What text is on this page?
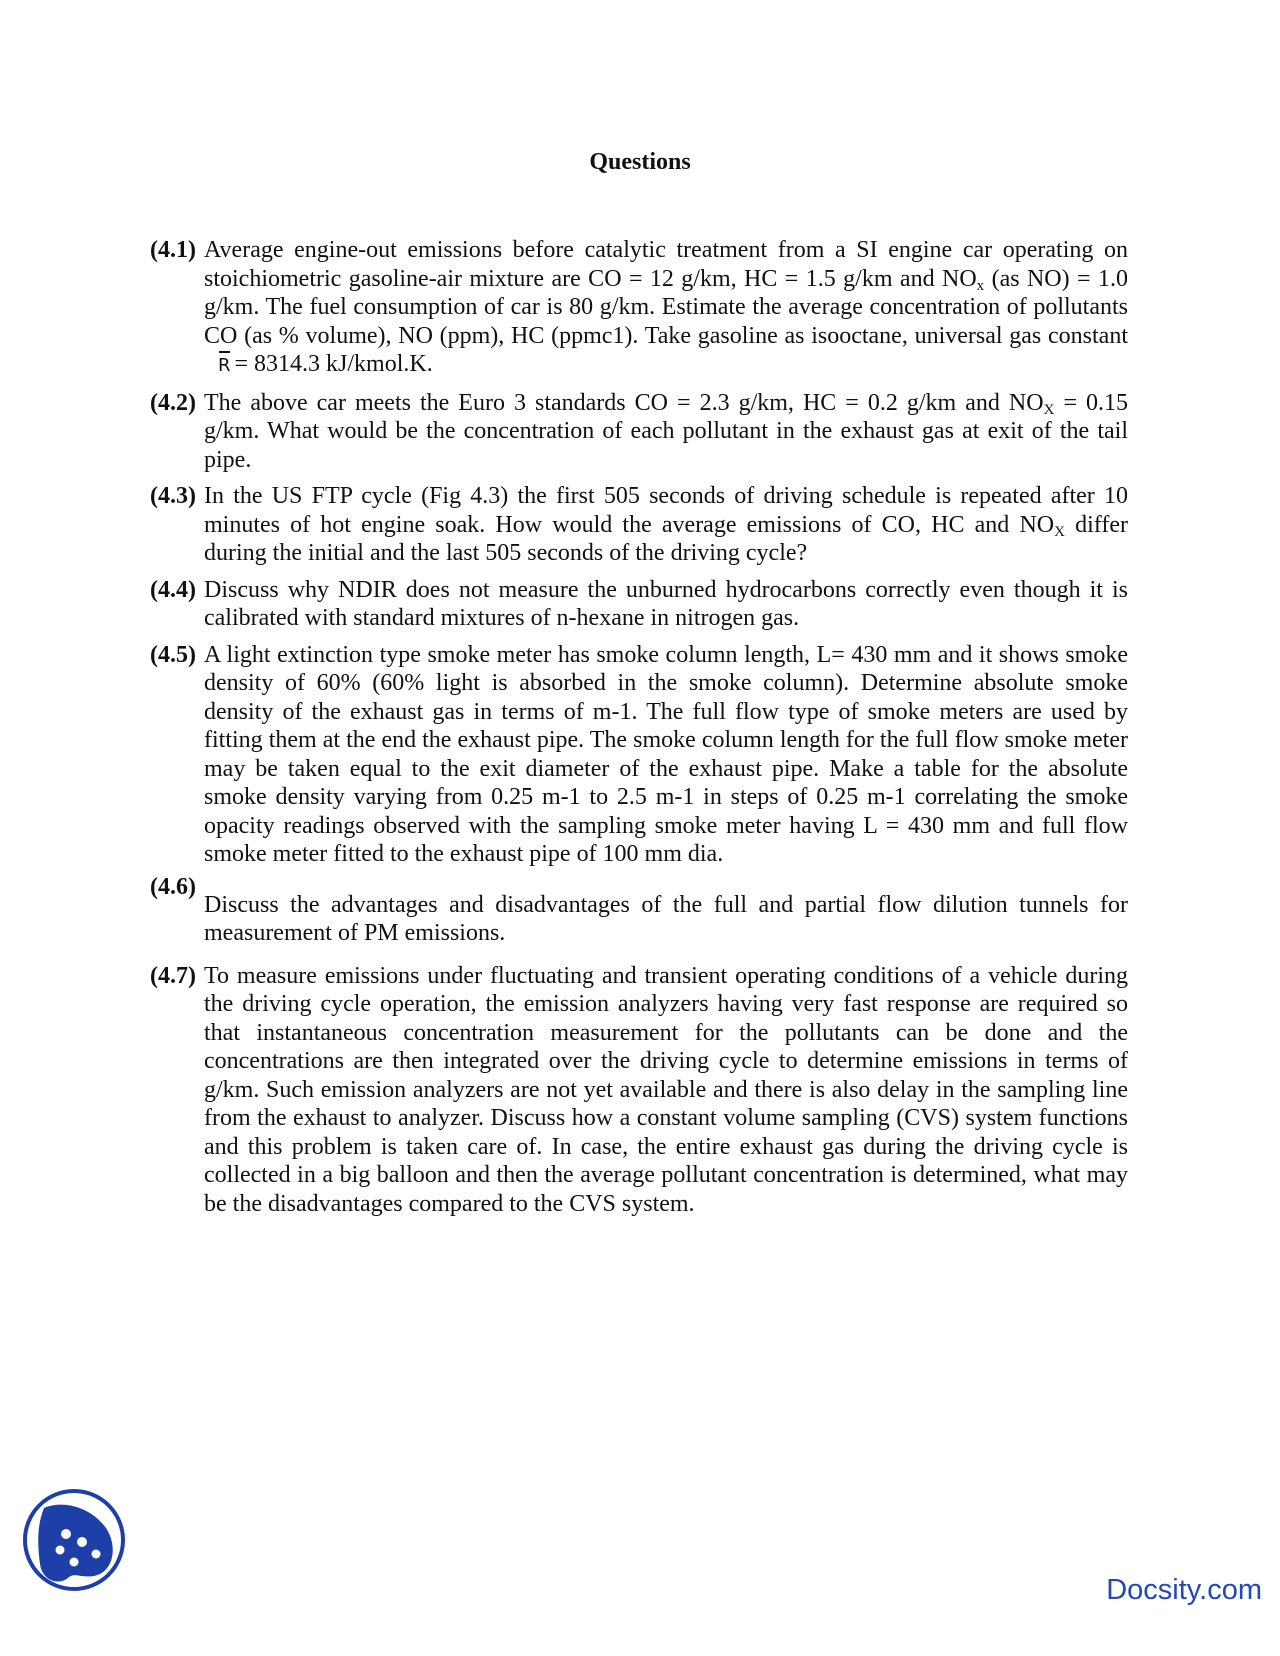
Questions
(4.1) Average engine-out emissions before catalytic treatment from a SI engine car operating on stoichiometric gasoline-air mixture are CO = 12 g/km, HC = 1.5 g/km and $NO_x$ (as NO) = 1.0 g/km. The fuel consumption of car is 80 g/km. Estimate the average concentration of pollutants CO (as % volume), NO (ppm), HC (ppmc1). Take gasoline as isooctane, universal gas constantR = 8314.3 kJ/kmol.K.
(4.2) The above car meets the Euro 3 standards CO = 2.3 g/km, HC = 0.2 g/km and $NO_X = 0.15$ g/km. What would be the concentration of each pollutant in the exhaust gas at exit of the tail pipe.
(4.3) In the US FTP cycle (Fig 4.3) the first 505 seconds of driving schedule is repeated after 10 minutes of hot engine soak. How would the average emissions of CO, HC and $NO_X$ differ during the initial and the last 505 seconds of the driving cycle?
(4.4) Discuss why NDIR does not measure the unburned hydrocarbons correctly even though it is calibrated with standard mixtures of n-hexane in nitrogen gas.
(4.5) A light extinction type smoke meter has smoke column length, L= 430 mm and it shows smoke density of 60% (60% light is absorbed in the smoke column). Determine absolute smoke density of the exhaust gas in terms of m-1. The full flow type of smoke meters are used by fitting them at the end the exhaust pipe. The smoke column length for the full flow smoke meter may be taken equal to the exit diameter of the exhaust pipe. Make a table for the absolute smoke density varying from 0.25 m-1 to 2.5 m-1 in steps of 0.25 m-1 correlating the smoke opacity readings observed with the sampling smoke meter having L = 430 mm and full flow smoke meter fitted to the exhaust pipe of 100 mm dia.
(4.6)
Discuss the advantages and disadvantages of the full and partial flow dilution tunnels for measurement of PM emissions.
(4.7) To measure emissions under fluctuating and transient operating conditions of a vehicle during the driving cycle operation, the emission analyzers having very fast response are required so that instantaneous concentration measurement for the pollutants can be done and the concentrations are then integrated over the driving cycle to determine emissions in terms of g/km. Such emission analyzers are not yet available and there is also delay in the sampling line from the exhaust to analyzer. Discuss how a constant volume sampling (CVS) system functions and this problem is taken care of. In case, the entire exhaust gas during the driving cycle is collected in a big balloon and then the average pollutant concentration is determined, what may be the disadvantages compared to the CVS system.
Docsity.com
